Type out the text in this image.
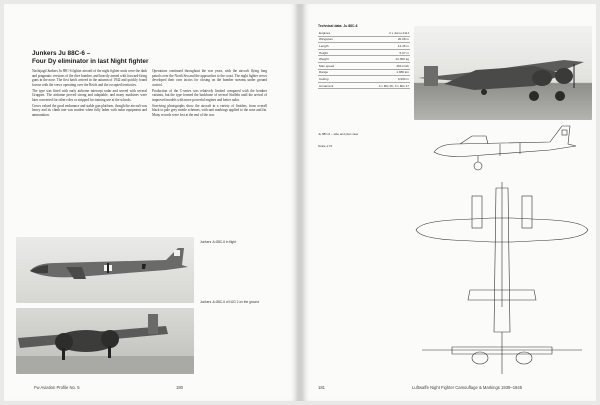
Junkers Ju 88C-6 –
Four Dy eliminator in last Night fighter

Nachtjagd Junkers Ju 88C-6 fighter aircraft of the night fighter units were the dark and pragmatic versions of the dive bomber, and heavily armed with forward-firing guns in the nose. The first batch arrived in the autumn of 1942 and quickly found favour with the crews operating over the Reich and the occupied territories.

The type was fitted with early airborne intercept radar and served with several Gruppen. The airframe proved strong and adaptable, and many machines were later converted for other roles or stripped for training use at the schools.

Crews valued the good endurance and stable gun platform, though the aircraft was heavy and its climb rate was modest when fully laden with radar equipment and ammunition.

Operations continued throughout the war years, with the aircraft flying long patrols over the North Sea and the approaches to the coast. The night fighter crews developed their own tactics for closing on the bomber streams under ground control.

Production of the C-series was relatively limited compared with the bomber variants, but the type formed the backbone of several Staffeln until the arrival of improved models with more powerful engines and better radar.

Surviving photographs show the aircraft in a variety of finishes, from overall black to pale grey mottle schemes, with unit markings applied to the nose and fin. Many records were lost at the end of the war.

Junkers Ju 88C-6 in flight
Junkers Ju 88C-6 of NJG 2 on the ground
Fw Aviation Profile No. 5	180
Technical data: Ju 88C-6
Engines	2 x Jumo 211J
Wingspan	20.08 m
Length	14.36 m
Height	5.07 m
Weight	12,350 kg
Max speed	494 km/h
Range	1,980 km
Ceiling	9,900 m
Armament	3 x MG FF, 3 x MG 17
Ju 88C-6 – side and plan view
Scale 1:72
181	Luftwaffe Night Fighter Camouflage & Markings 1939–1945
